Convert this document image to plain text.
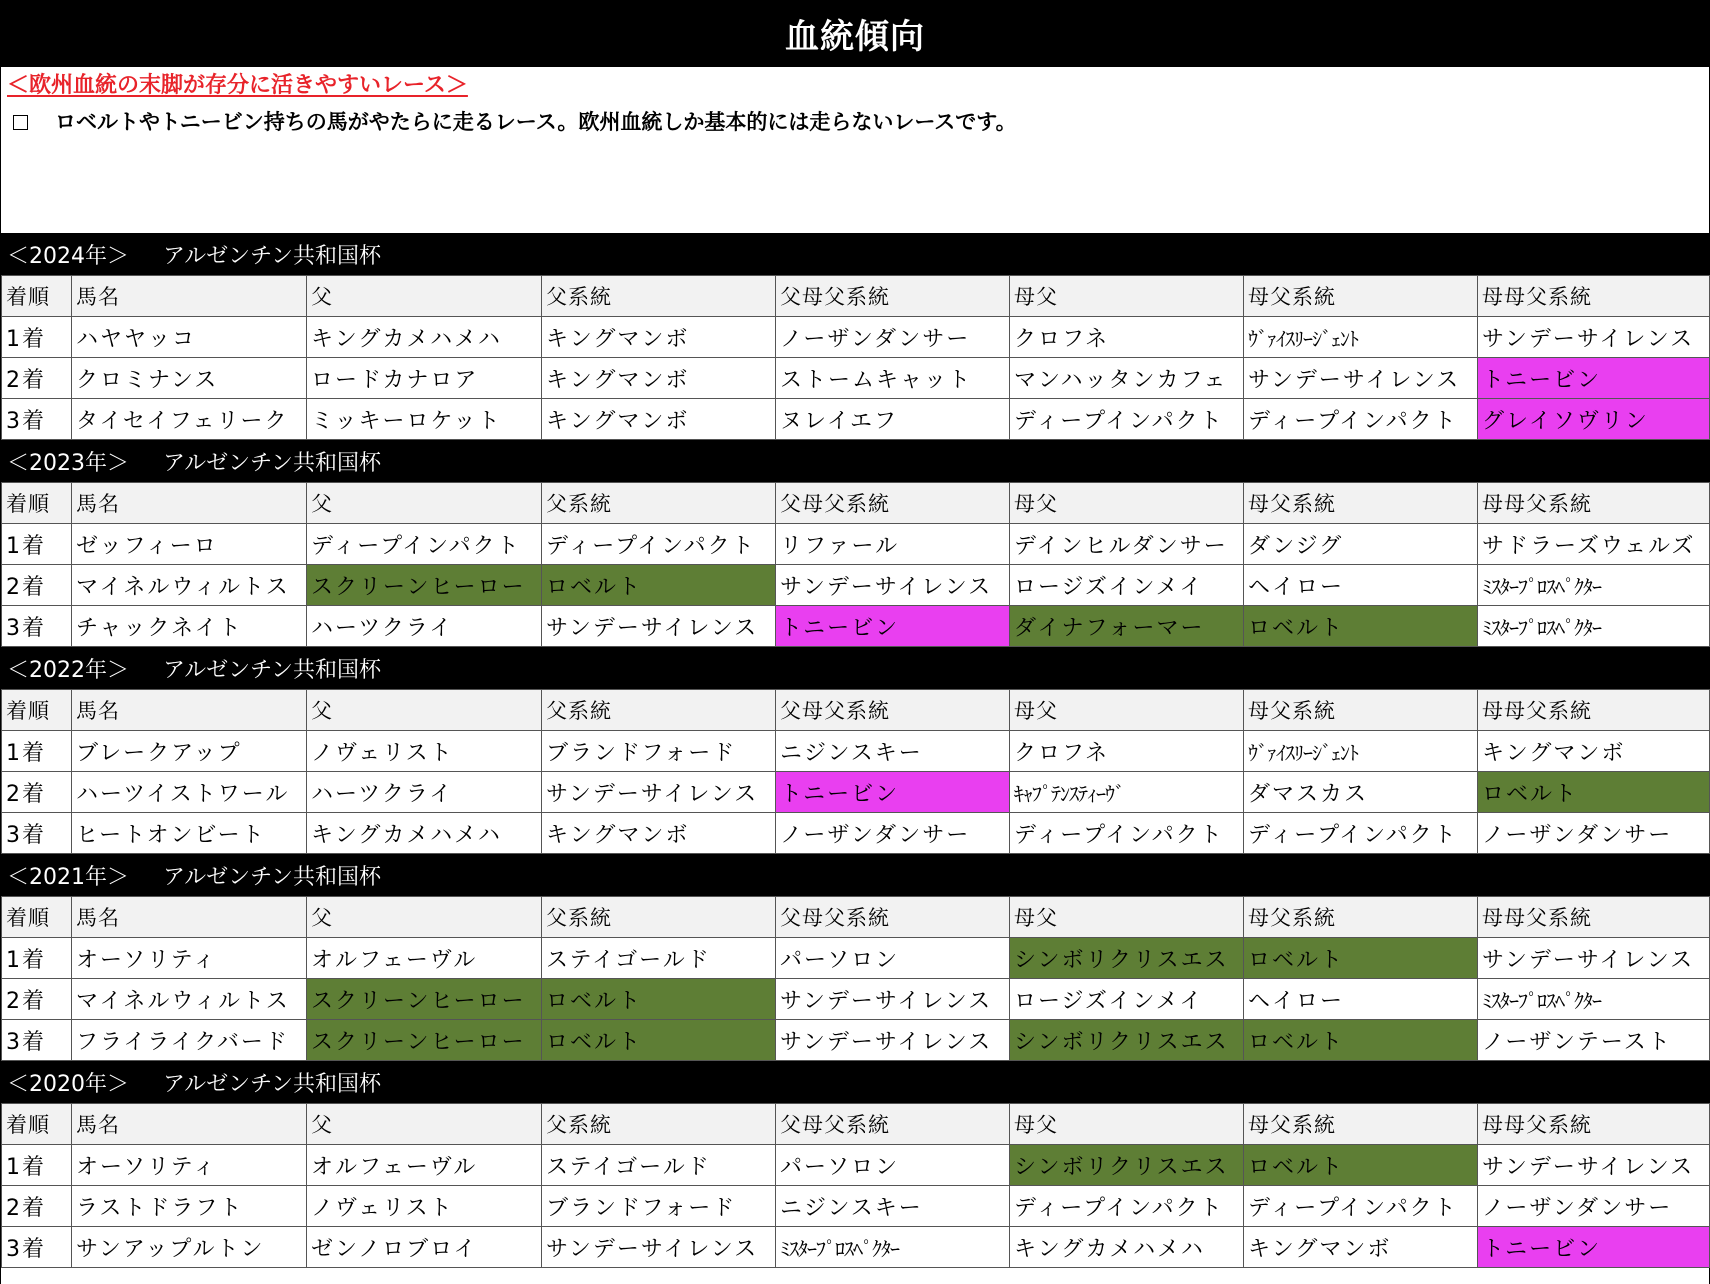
血統傾向
＜欧州血統の末脚が存分に活きやすいレース＞
ロベルトやトニービン持ちの馬がやたらに走るレース。欧州血統しか基本的には走らないレースです。
＜2024年＞ アルゼンチン共和国杯
着順	馬名	父	父系統	父母父系統	母父	母父系統	母母父系統
1着	ハヤヤッコ	キングカメハメハ	キングマンボ	ノーザンダンサー	クロフネ	ｳﾞｧｲｽﾘｰｼﾞｪﾝﾄ	サンデーサイレンス
2着	クロミナンス	ロードカナロア	キングマンボ	ストームキャット	マンハッタンカフェ	サンデーサイレンス	トニービン
3着	タイセイフェリーク	ミッキーロケット	キングマンボ	ヌレイエフ	ディープインパクト	ディープインパクト	グレイソヴリン
＜2023年＞ アルゼンチン共和国杯
着順	馬名	父	父系統	父母父系統	母父	母父系統	母母父系統
1着	ゼッフィーロ	ディープインパクト	ディープインパクト	リファール	デインヒルダンサー	ダンジグ	サドラーズウェルズ
2着	マイネルウィルトス	スクリーンヒーロー	ロベルト	サンデーサイレンス	ロージズインメイ	ヘイロー	ﾐｽﾀｰﾌﾟﾛｽﾍﾟｸﾀｰ
3着	チャックネイト	ハーツクライ	サンデーサイレンス	トニービン	ダイナフォーマー	ロベルト	ﾐｽﾀｰﾌﾟﾛｽﾍﾟｸﾀｰ
＜2022年＞ アルゼンチン共和国杯
着順	馬名	父	父系統	父母父系統	母父	母父系統	母母父系統
1着	ブレークアップ	ノヴェリスト	ブランドフォード	ニジンスキー	クロフネ	ｳﾞｧｲｽﾘｰｼﾞｪﾝﾄ	キングマンボ
2着	ハーツイストワール	ハーツクライ	サンデーサイレンス	トニービン	ｷｬﾌﾟﾃﾝｽﾃｨｰｳﾞ	ダマスカス	ロベルト
3着	ヒートオンビート	キングカメハメハ	キングマンボ	ノーザンダンサー	ディープインパクト	ディープインパクト	ノーザンダンサー
＜2021年＞ アルゼンチン共和国杯
着順	馬名	父	父系統	父母父系統	母父	母父系統	母母父系統
1着	オーソリティ	オルフェーヴル	ステイゴールド	パーソロン	シンボリクリスエス	ロベルト	サンデーサイレンス
2着	マイネルウィルトス	スクリーンヒーロー	ロベルト	サンデーサイレンス	ロージズインメイ	ヘイロー	ﾐｽﾀｰﾌﾟﾛｽﾍﾟｸﾀｰ
3着	フライライクバード	スクリーンヒーロー	ロベルト	サンデーサイレンス	シンボリクリスエス	ロベルト	ノーザンテースト
＜2020年＞ アルゼンチン共和国杯
着順	馬名	父	父系統	父母父系統	母父	母父系統	母母父系統
1着	オーソリティ	オルフェーヴル	ステイゴールド	パーソロン	シンボリクリスエス	ロベルト	サンデーサイレンス
2着	ラストドラフト	ノヴェリスト	ブランドフォード	ニジンスキー	ディープインパクト	ディープインパクト	ノーザンダンサー
3着	サンアップルトン	ゼンノロブロイ	サンデーサイレンス	ﾐｽﾀｰﾌﾟﾛｽﾍﾟｸﾀｰ	キングカメハメハ	キングマンボ	トニービン
